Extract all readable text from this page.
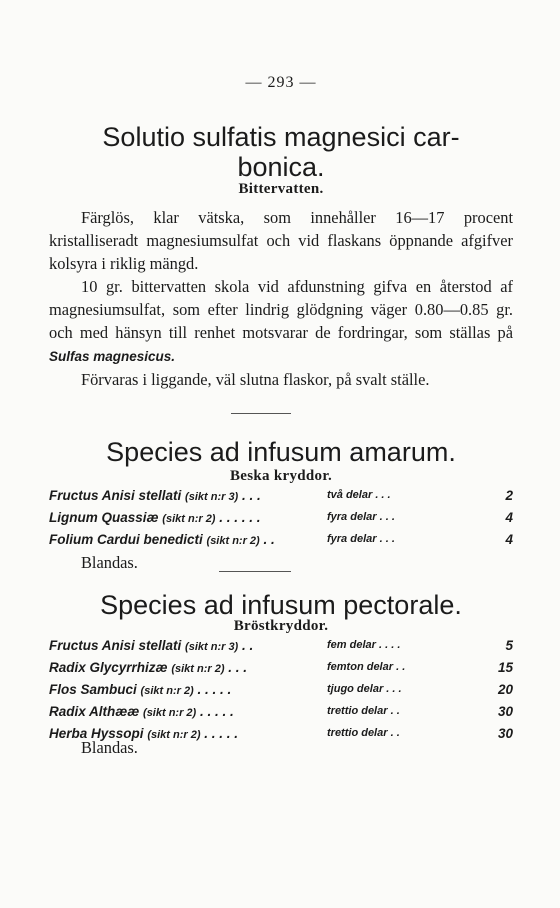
— 293 —
Solutio sulfatis magnesici car-
bonica.
Bittervatten.
Färglös, klar vätska, som innehåller 16—17 procent kristalliseradt magnesiumsulfat och vid flaskans öppnande afgifver kolsyra i riklig mängd.
10 gr. bittervatten skola vid afdunstning gifva en återstod af magnesiumsulfat, som efter lindrig glödgning väger 0.80—0.85 gr. och med hänsyn till renhet motsvarar de fordringar, som ställas på Sulfas magnesicus.
Förvaras i liggande, väl slutna flaskor, på svalt ställe.
Species ad infusum amarum.
Beska kryddor.
Fructus Anisi stellati (sikt n:r 3) . . .	två delar . . .	2
Lignum Quassiæ (sikt n:r 2) . . . . . .	fyra delar . . .	4
Folium Cardui benedicti (sikt n:r 2) . .	fyra delar . . .	4
Blandas.
Species ad infusum pectorale.
Bröstkryddor.
Fructus Anisi stellati (sikt n:r 3) . .	fem delar . . . .	5
Radix Glycyrrhizæ (sikt n:r 2) . . .	femton delar . .	15
Flos Sambuci (sikt n:r 2) . . . . .	tjugo delar . . .	20
Radix Althææ (sikt n:r 2) . . . . .	trettio delar . .	30
Herba Hyssopi (sikt n:r 2) . . . . .	trettio delar . .	30
Blandas.
